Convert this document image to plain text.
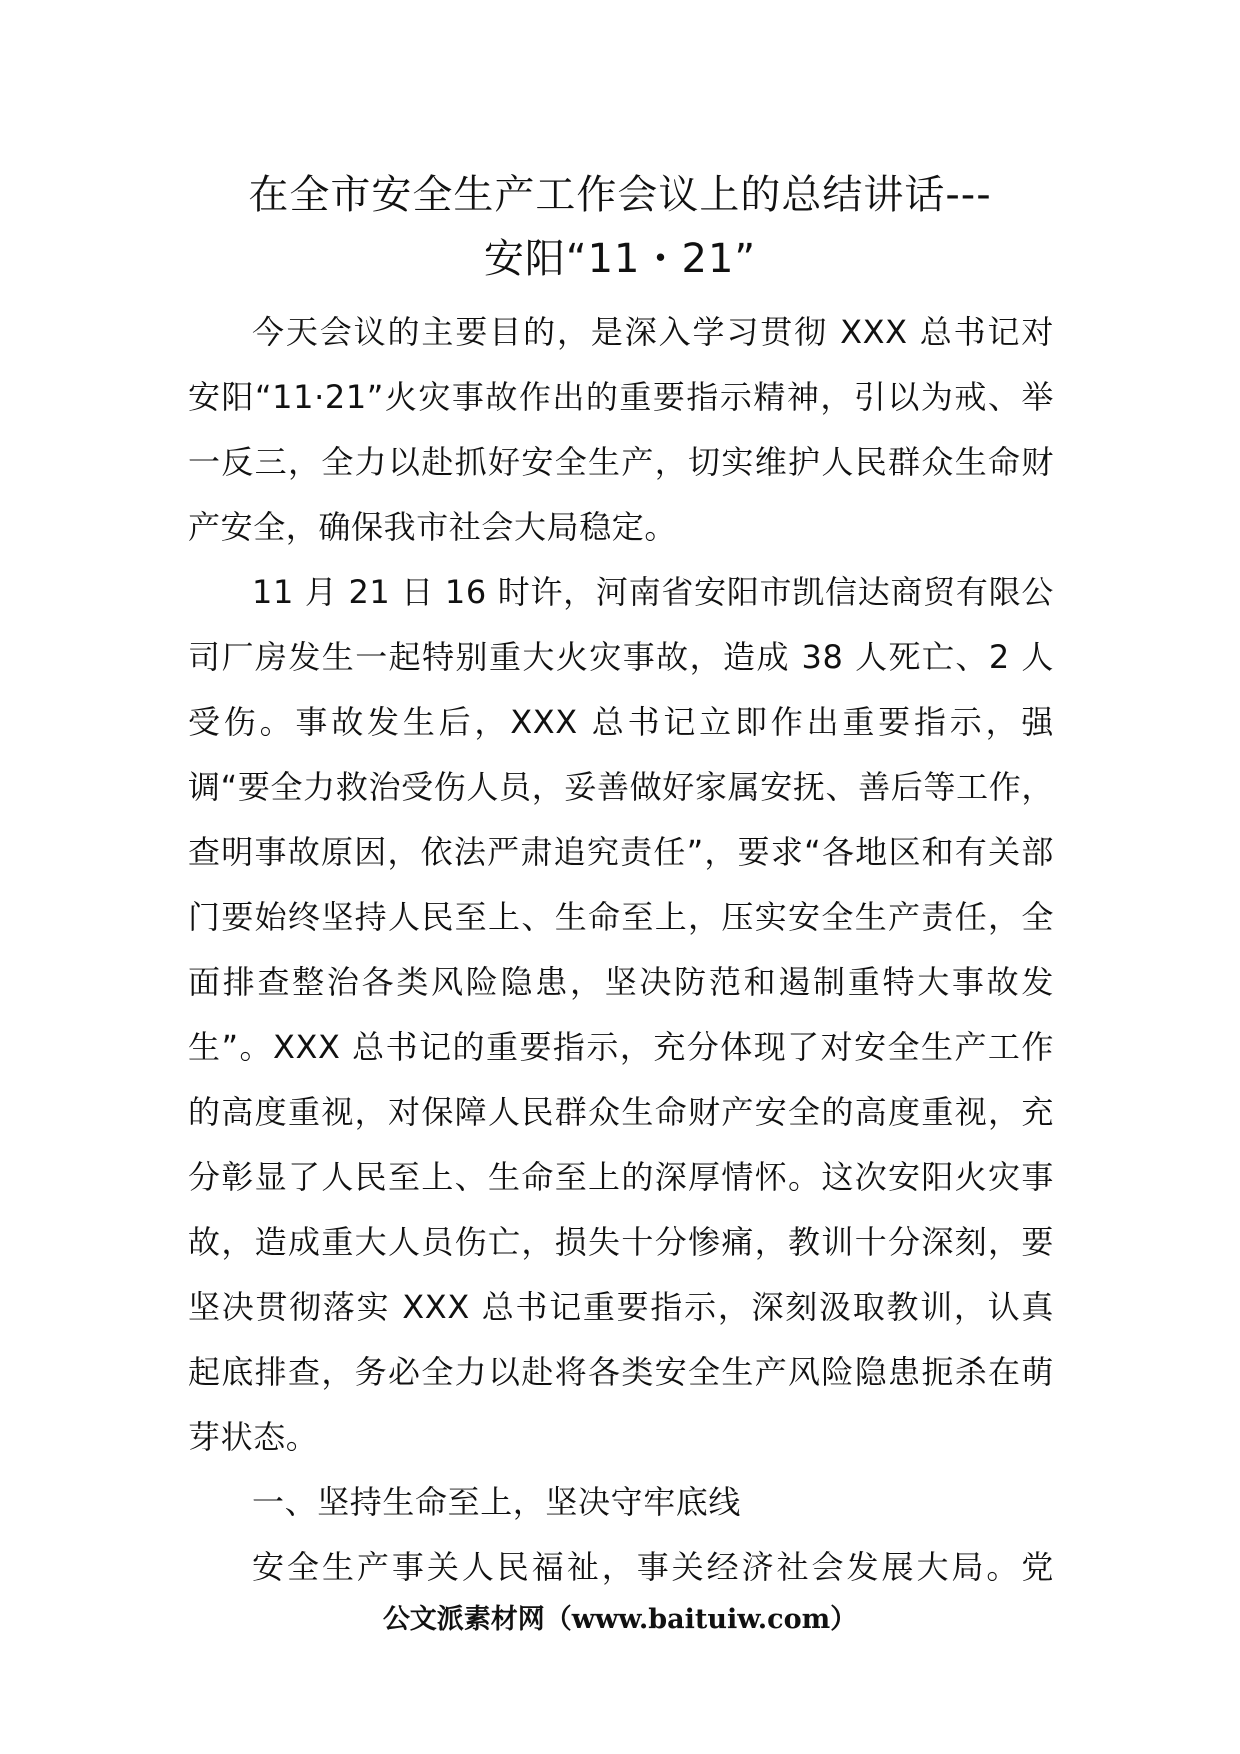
在全市安全生产工作会议上的总结讲话---
安阳“11・21”

今天会议的主要目的，是深入学习贯彻 XXX 总书记对安阳“11·21”火灾事故作出的重要指示精神，引以为戒、举一反三，全力以赴抓好安全生产，切实维护人民群众生命财产安全，确保我市社会大局稳定。

11 月 21 日 16 时许，河南省安阳市凯信达商贸有限公司厂房发生一起特别重大火灾事故，造成 38 人死亡、2 人受伤。事故发生后，XXX 总书记立即作出重要指示，强调“要全力救治受伤人员，妥善做好家属安抚、善后等工作，查明事故原因，依法严肃追究责任”，要求“各地区和有关部门要始终坚持人民至上、生命至上，压实安全生产责任，全面排查整治各类风险隐患，坚决防范和遏制重特大事故发生”。XXX 总书记的重要指示，充分体现了对安全生产工作的高度重视，对保障人民群众生命财产安全的高度重视，充分彰显了人民至上、生命至上的深厚情怀。这次安阳火灾事故，造成重大人员伤亡，损失十分惨痛，教训十分深刻，要坚决贯彻落实 XXX 总书记重要指示，深刻汲取教训，认真起底排查，务必全力以赴将各类安全生产风险隐患扼杀在萌芽状态。

一、坚持生命至上，坚决守牢底线

安全生产事关人民福祉，事关经济社会发展大局。党

公文派素材网（www.baituiw.com）
